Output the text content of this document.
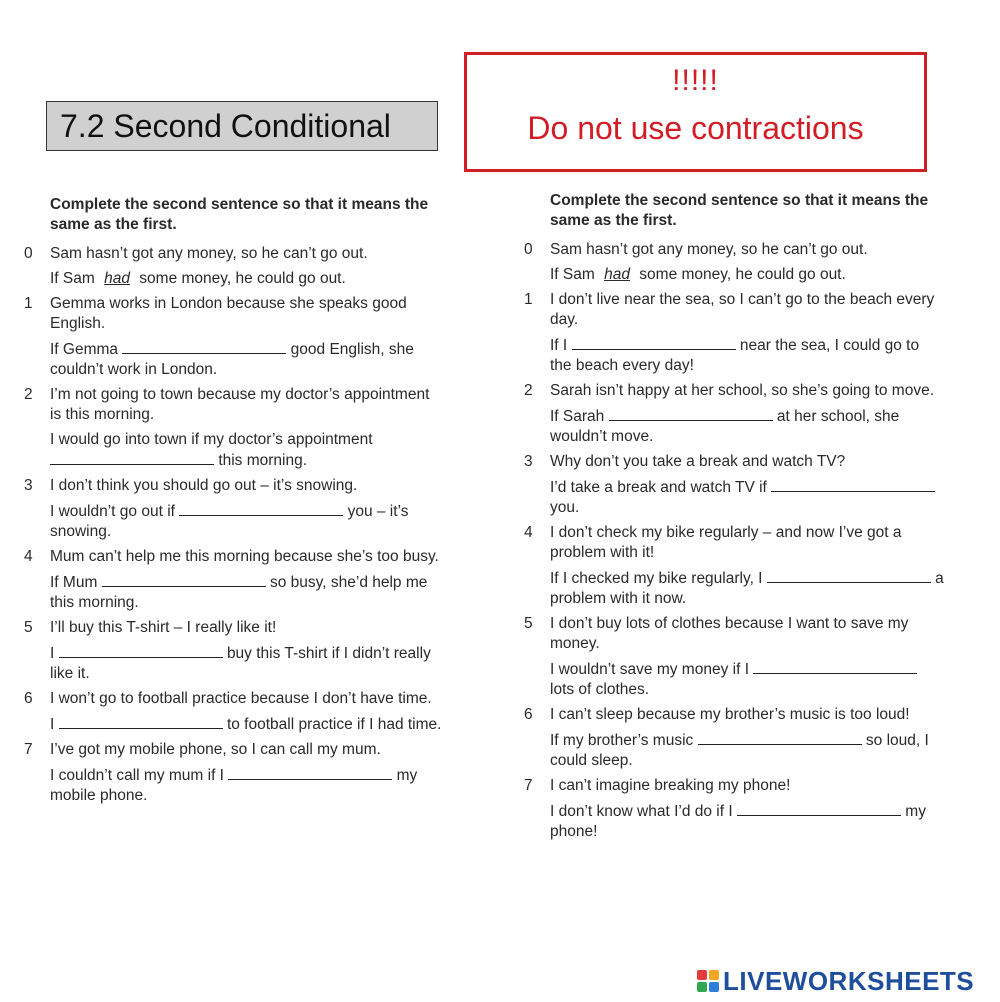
7.2 Second Conditional
!!!!!
Do not use contractions
Complete the second sentence so that it means the same as the first.
0	Sam hasn’t got any money, so he can’t go out.
If Sam had some money, he could go out.
1	Gemma works in London because she speaks good English.
If Gemma	good English, she couldn’t work in London.
2	I’m not going to town because my doctor’s appointment is this morning.
I would go into town if my doctor’s appointment  this morning.
3	I don’t think you should go out – it’s snowing.
I wouldn’t go out if	you – it’s snowing.
4	Mum can’t help me this morning because she’s too busy.
If Mum	so busy, she’d help me this morning.
5	I’ll buy this T-shirt – I really like it!
I	buy this T-shirt if I didn’t really like it.
6	I won’t go to football practice because I don’t have time.
I	to football practice if I had time.
7	I’ve got my mobile phone, so I can call my mum.
I couldn’t call my mum if I	my mobile phone.
Complete the second sentence so that it means the same as the first.
0	Sam hasn’t got any money, so he can’t go out.
If Sam had some money, he could go out.
1	I don’t live near the sea, so I can’t go to the beach every day.
If I	near the sea, I could go to the beach every day!
2	Sarah isn’t happy at her school, so she’s going to move.
If Sarah	at her school, she wouldn’t move.
3	Why don’t you take a break and watch TV?
I’d take a break and watch TV if  you.
4	I don’t check my bike regularly – and now I’ve got a problem with it!
If I checked my bike regularly, I	a problem with it now.
5	I don’t buy lots of clothes because I want to save my money.
I wouldn’t save my money if I  lots of clothes.
6	I can’t sleep because my brother’s music is too loud!
If my brother’s music	so loud, I could sleep.
7	I can’t imagine breaking my phone!
I don’t know what I’d do if I	my phone!
LIVEWORKSHEETS
